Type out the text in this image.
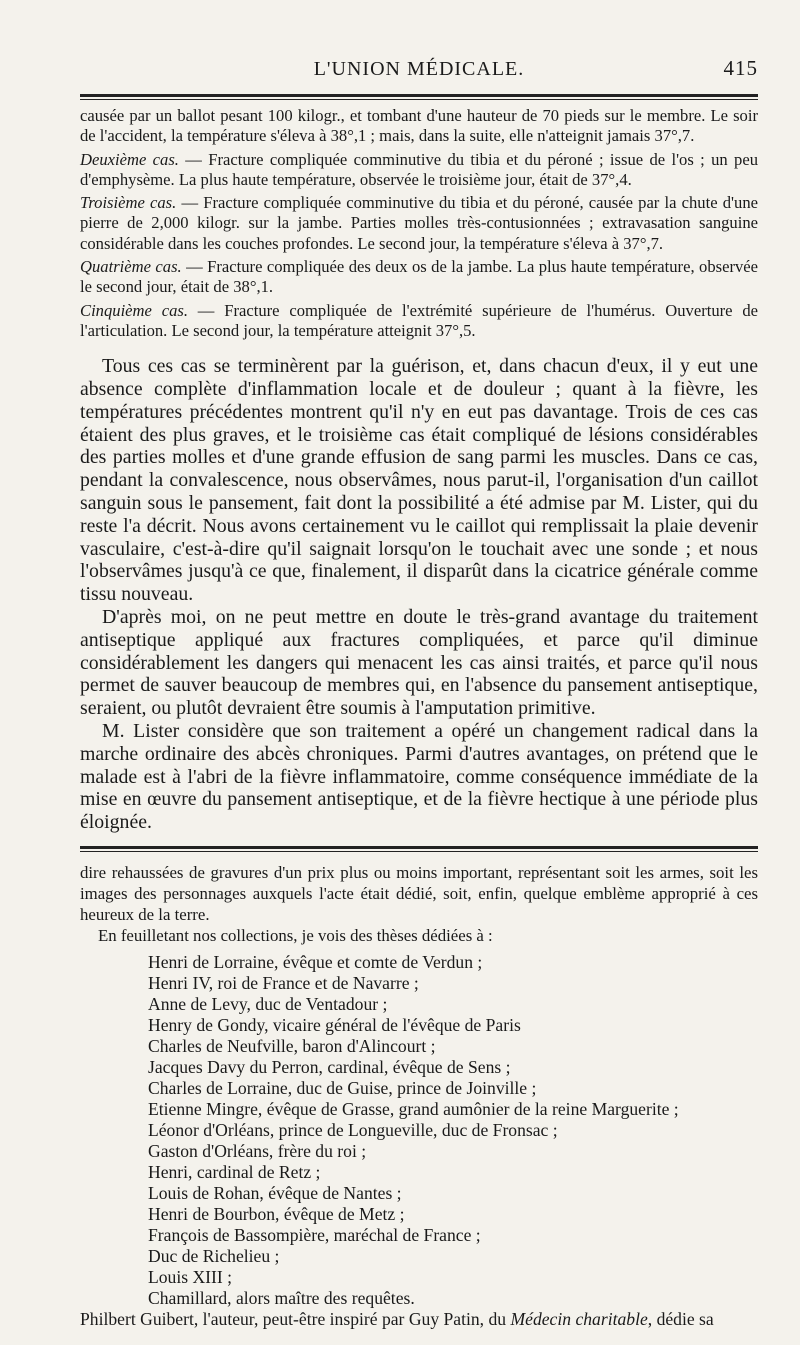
L'UNION MÉDICALE.	415

causée par un ballot pesant 100 kilogr., et tombant d'une hauteur de 70 pieds sur le membre. Le soir de l'accident, la température s'éleva à 38°,1 ; mais, dans la suite, elle n'atteignit jamais 37°,7.

Deuxième cas. — Fracture compliquée comminutive du tibia et du péroné ; issue de l'os ; un peu d'emphysème. La plus haute température, observée le troisième jour, était de 37°,4.

Troisième cas. — Fracture compliquée comminutive du tibia et du péroné, causée par la chute d'une pierre de 2,000 kilogr. sur la jambe. Parties molles très-contusionnées ; extravasation sanguine considérable dans les couches profondes. Le second jour, la température s'éleva à 37°,7.

Quatrième cas. — Fracture compliquée des deux os de la jambe. La plus haute température, observée le second jour, était de 38°,1.

Cinquième cas. — Fracture compliquée de l'extrémité supérieure de l'humérus. Ouverture de l'articulation. Le second jour, la température atteignit 37°,5.

Tous ces cas se terminèrent par la guérison, et, dans chacun d'eux, il y eut une absence complète d'inflammation locale et de douleur ; quant à la fièvre, les températures précédentes montrent qu'il n'y en eut pas davantage. Trois de ces cas étaient des plus graves, et le troisième cas était compliqué de lésions considérables des parties molles et d'une grande effusion de sang parmi les muscles. Dans ce cas, pendant la convalescence, nous observâmes, nous parut-il, l'organisation d'un caillot sanguin sous le pansement, fait dont la possibilité a été admise par M. Lister, qui du reste l'a décrit. Nous avons certainement vu le caillot qui remplissait la plaie devenir vasculaire, c'est-à-dire qu'il saignait lorsqu'on le touchait avec une sonde ; et nous l'observâmes jusqu'à ce que, finalement, il disparût dans la cicatrice générale comme tissu nouveau.

D'après moi, on ne peut mettre en doute le très-grand avantage du traitement antiseptique appliqué aux fractures compliquées, et parce qu'il diminue considérablement les dangers qui menacent les cas ainsi traités, et parce qu'il nous permet de sauver beaucoup de membres qui, en l'absence du pansement antiseptique, seraient, ou plutôt devraient être soumis à l'amputation primitive.

M. Lister considère que son traitement a opéré un changement radical dans la marche ordinaire des abcès chroniques. Parmi d'autres avantages, on prétend que le malade est à l'abri de la fièvre inflammatoire, comme conséquence immédiate de la mise en œuvre du pansement antiseptique, et de la fièvre hectique à une période plus éloignée.

dire rehaussées de gravures d'un prix plus ou moins important, représentant soit les armes, soit les images des personnages auxquels l'acte était dédié, soit, enfin, quelque emblème approprié à ces heureux de la terre.

En feuilletant nos collections, je vois des thèses dédiées à :

Henri de Lorraine, évêque et comte de Verdun ;
Henri IV, roi de France et de Navarre ;
Anne de Levy, duc de Ventadour ;
Henry de Gondy, vicaire général de l'évêque de Paris
Charles de Neufville, baron d'Alincourt ;
Jacques Davy du Perron, cardinal, évêque de Sens ;
Charles de Lorraine, duc de Guise, prince de Joinville ;
Etienne Mingre, évêque de Grasse, grand aumônier de la reine Marguerite ;
Léonor d'Orléans, prince de Longueville, duc de Fronsac ;
Gaston d'Orléans, frère du roi ;
Henri, cardinal de Retz ;
Louis de Rohan, évêque de Nantes ;
Henri de Bourbon, évêque de Metz ;
François de Bassompière, maréchal de France ;
Duc de Richelieu ;
Louis XIII ;
Chamillard, alors maître des requêtes.

Philbert Guibert, l'auteur, peut-être inspiré par Guy Patin, du Médecin charitable, dédie sa
